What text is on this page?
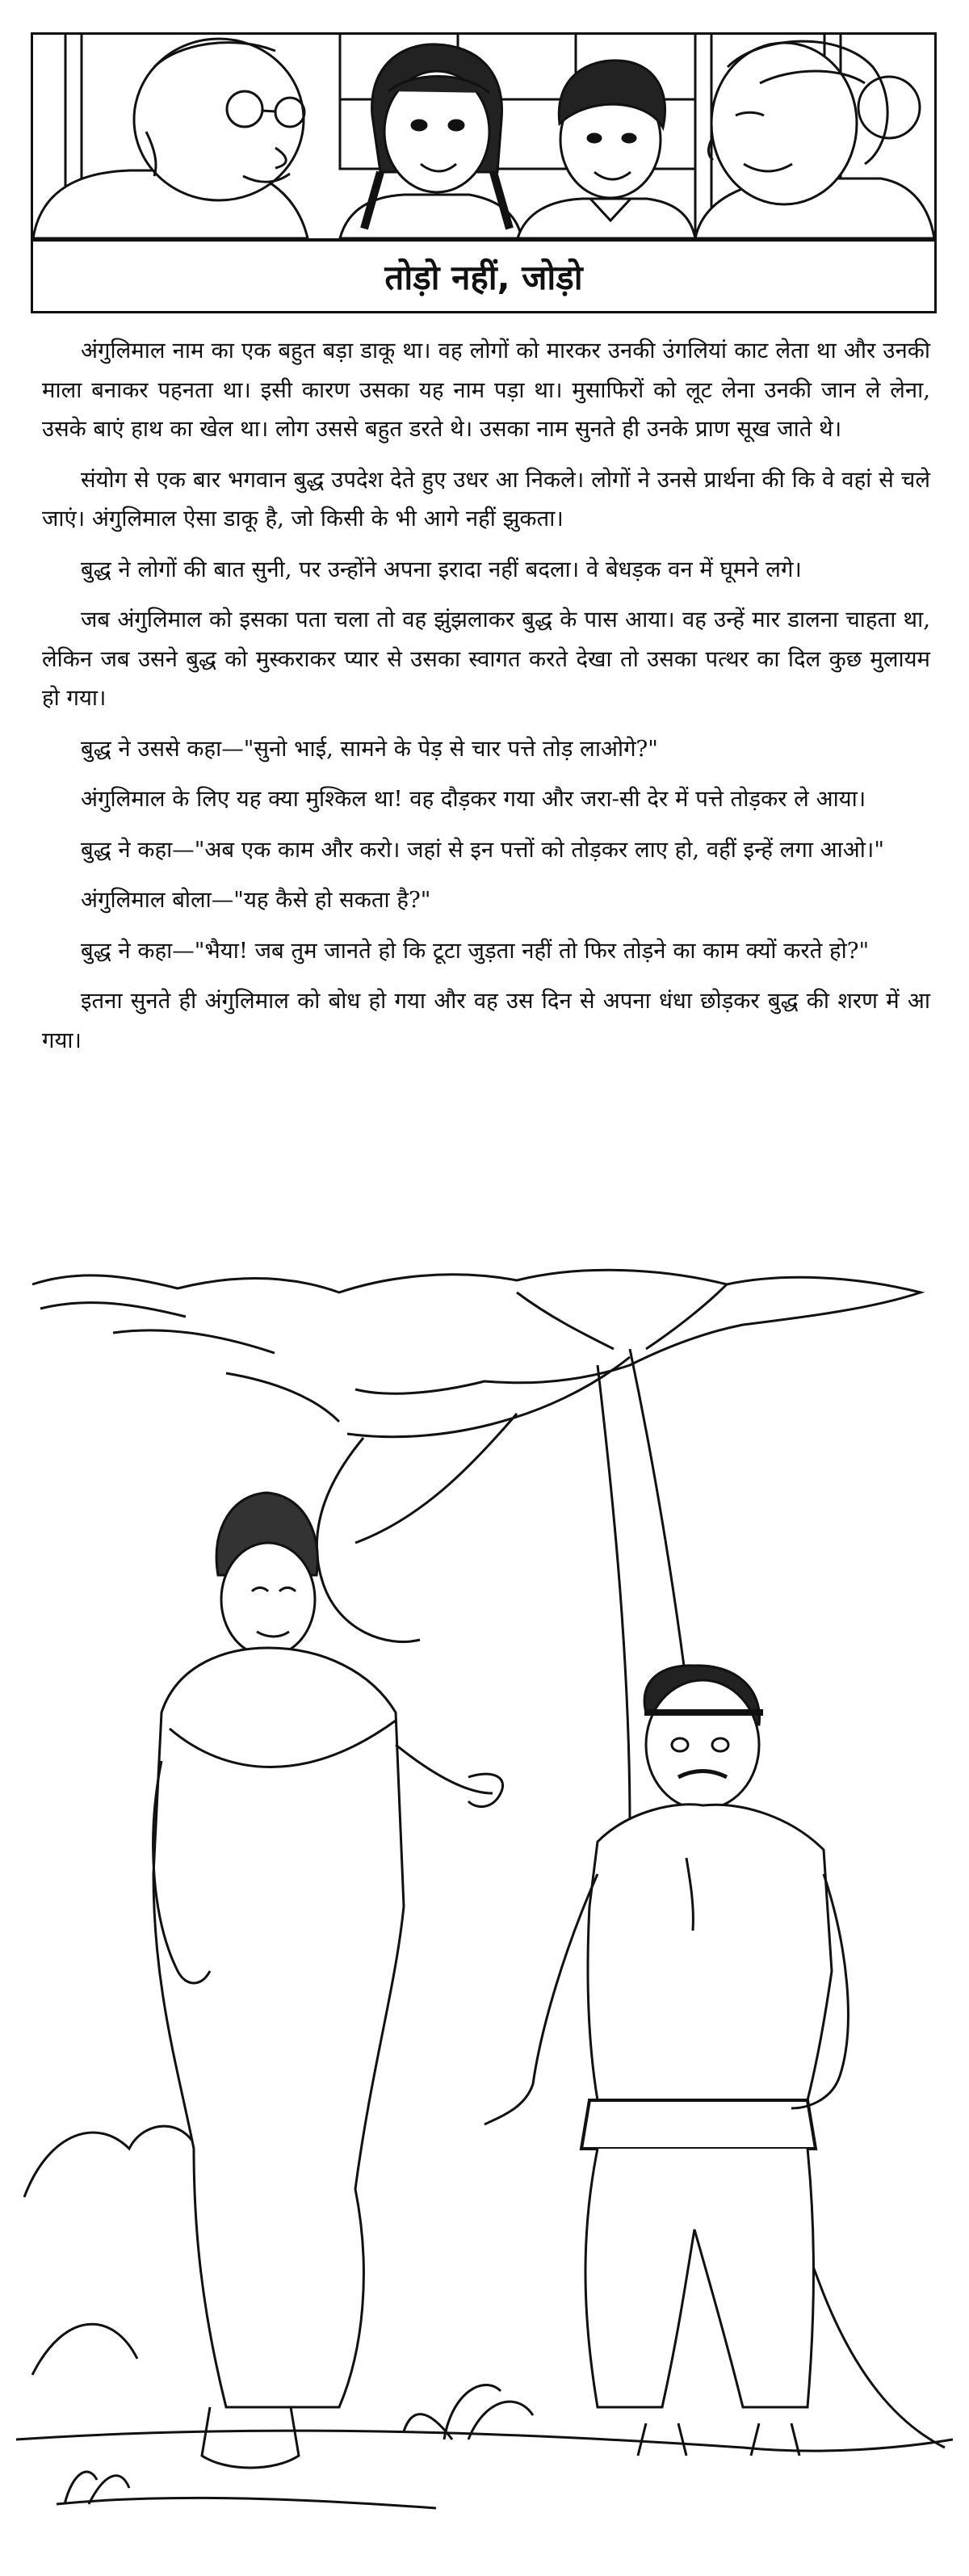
तोड़ो नहीं, जोड़ो

अंगुलिमाल नाम का एक बहुत बड़ा डाकू था। वह लोगों को मारकर उनकी उंगलियां काट लेता था और उनकी माला बनाकर पहनता था। इसी कारण उसका यह नाम पड़ा था। मुसाफिरों को लूट लेना उनकी जान ले लेना, उसके बाएं हाथ का खेल था। लोग उससे बहुत डरते थे। उसका नाम सुनते ही उनके प्राण सूख जाते थे।

संयोग से एक बार भगवान बुद्ध उपदेश देते हुए उधर आ निकले। लोगों ने उनसे प्रार्थना की कि वे वहां से चले जाएं। अंगुलिमाल ऐसा डाकू है, जो किसी के भी आगे नहीं झुकता।

बुद्ध ने लोगों की बात सुनी, पर उन्होंने अपना इरादा नहीं बदला। वे बेधड़क वन में घूमने लगे।

जब अंगुलिमाल को इसका पता चला तो वह झुंझलाकर बुद्ध के पास आया। वह उन्हें मार डालना चाहता था, लेकिन जब उसने बुद्ध को मुस्कराकर प्यार से उसका स्वागत करते देखा तो उसका पत्थर का दिल कुछ मुलायम हो गया।

बुद्ध ने उससे कहा—"सुनो भाई, सामने के पेड़ से चार पत्ते तोड़ लाओगे?"

अंगुलिमाल के लिए यह क्या मुश्किल था! वह दौड़कर गया और जरा-सी देर में पत्ते तोड़कर ले आया।

बुद्ध ने कहा—"अब एक काम और करो। जहां से इन पत्तों को तोड़कर लाए हो, वहीं इन्हें लगा आओ।"

अंगुलिमाल बोला—"यह कैसे हो सकता है?"

बुद्ध ने कहा—"भैया! जब तुम जानते हो कि टूटा जुड़ता नहीं तो फिर तोड़ने का काम क्यों करते हो?"

इतना सुनते ही अंगुलिमाल को बोध हो गया और वह उस दिन से अपना धंधा छोड़कर बुद्ध की शरण में आ गया।
